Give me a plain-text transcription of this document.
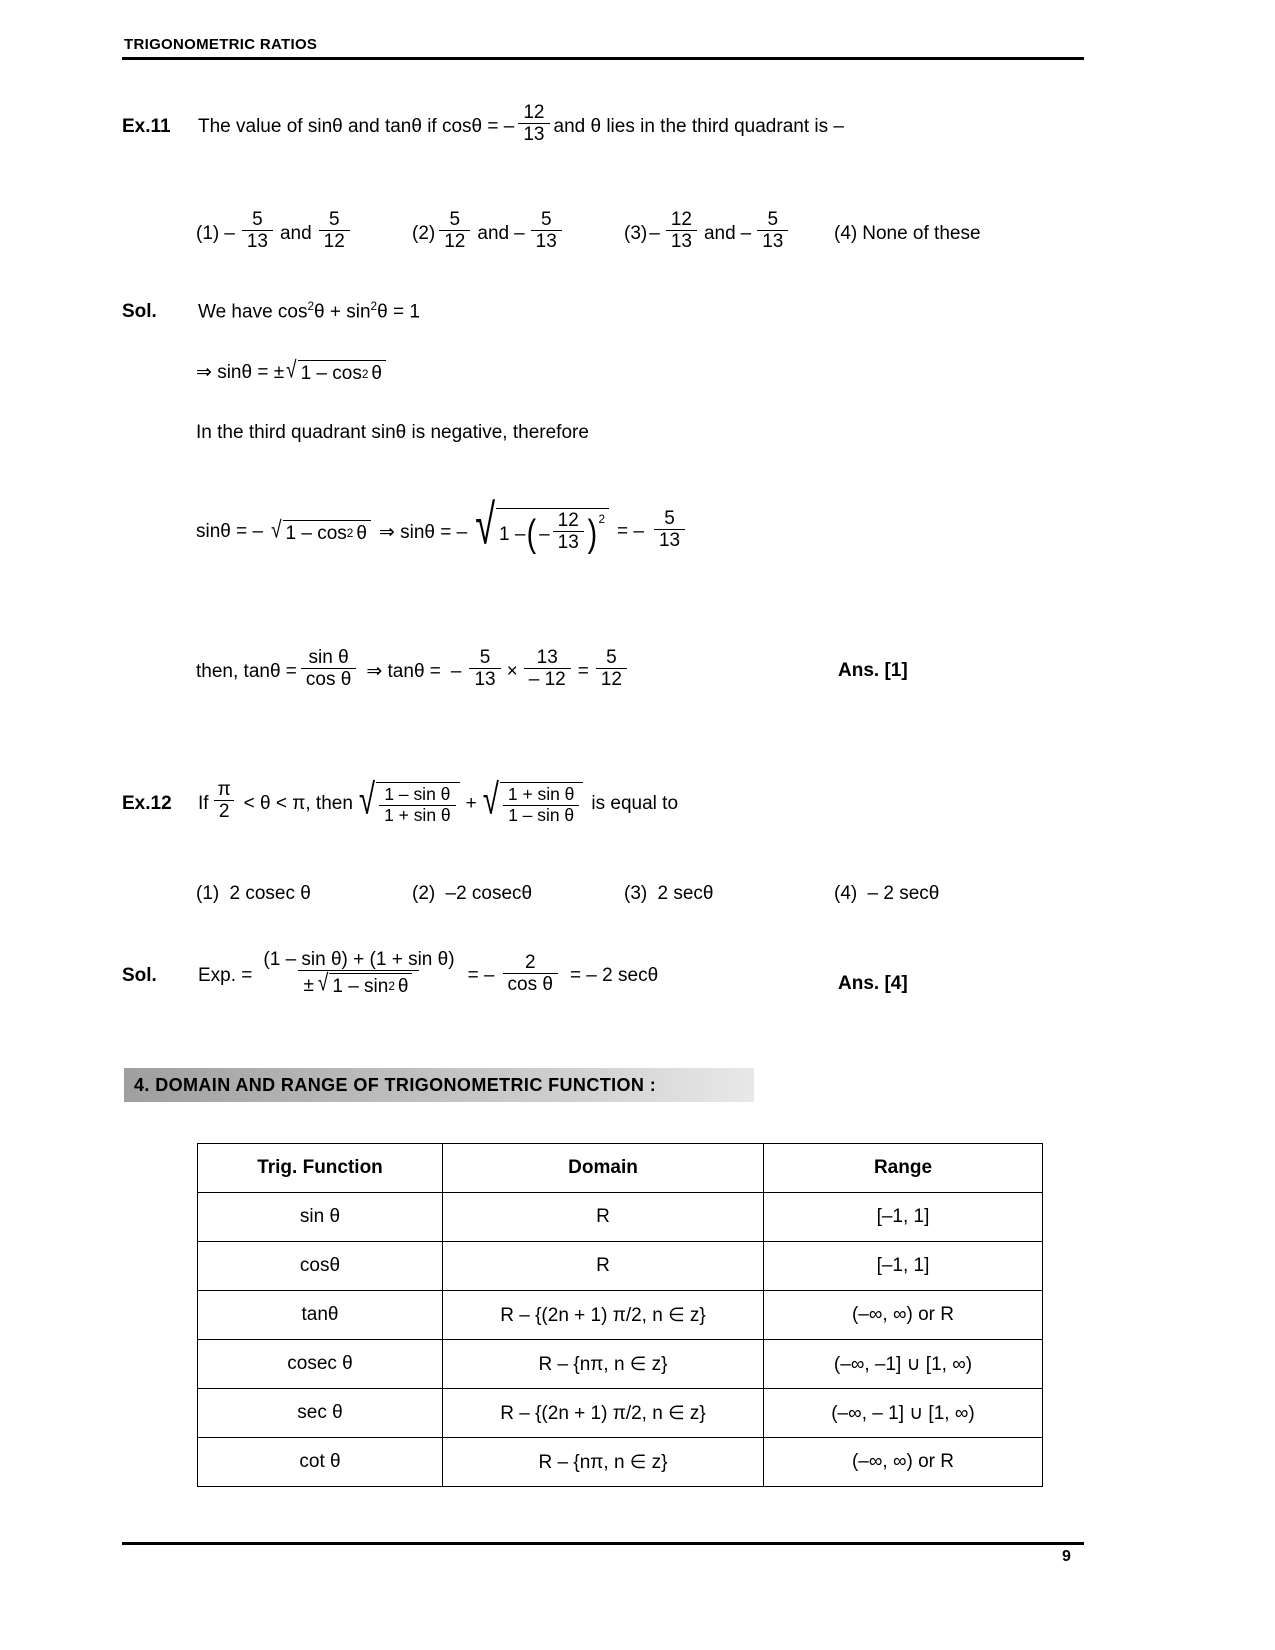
TRIGONOMETRIC RATIOS
Ex.11	The value of sinθ and tanθ if cosθ = – $\frac{12}{13}$ and θ lies in the third quadrant is –
$(1) - \frac{5}{13}$ and $\frac{5}{12}$	$(2) \frac{5}{12}$ and – $\frac{5}{13}$	$(3) - \frac{12}{13}$ and – $\frac{5}{13} (4)$ None of these
Sol.	We have $\cos^2\theta + \sin^2\theta = 1$
⇒ sinθ = ± √ 1 – cos 2 θ
In the third quadrant sinθ is negative, therefore
sinθ = – √ 1 – cos 2 θ ⇒ sinθ = – √ 1 – ( – $\frac{12}{13}$ ) 2
= – $\frac{5}{13}$
then, $\tan\theta = \frac{\text{sin θ}}{\text{cos θ}}$ ⇒ tanθ = – $\frac{5}{13} \times \frac{13}{- 12} = \frac{5}{12}$	Ans. [1]
Ex.12	If $\frac{\pi}{2} < \theta < \pi$, then √ $\frac{\text{1 – sin θ}}{\text{1 + sin θ}}$ + √ $\frac{\text{1 + sin θ}}{\text{1 – sin θ}}$ is equal to
(1) 2 cosec θ	(2) –2 cosecθ	(3) 2 secθ	(4) – 2 secθ
Sol.	Exp. =
(1 – sin θ) + (1 + sin θ)
± √ 1 – sin 2 θ
= – $\frac{2}{\text{cos θ}}$ = – 2 secθ	Ans. [4]
4. DOMAIN AND RANGE OF TRIGONOMETRIC FUNCTION :
Trig. Function	Domain	Range
sin θ	R	[–1, 1]
cosθ	R	[–1, 1]
tanθ	R – {(2n + 1) π/2, n ∈ z}	(–∞, ∞) or R
cosec θ	R – {nπ, n ∈ z}	(–∞, –1] ∪ [1, ∞)
sec θ	R – {(2n + 1) π/2, n ∈ z}	(–∞, – 1] ∪ [1, ∞)
cot θ	R – {nπ, n ∈ z}	(–∞, ∞) or R
9
